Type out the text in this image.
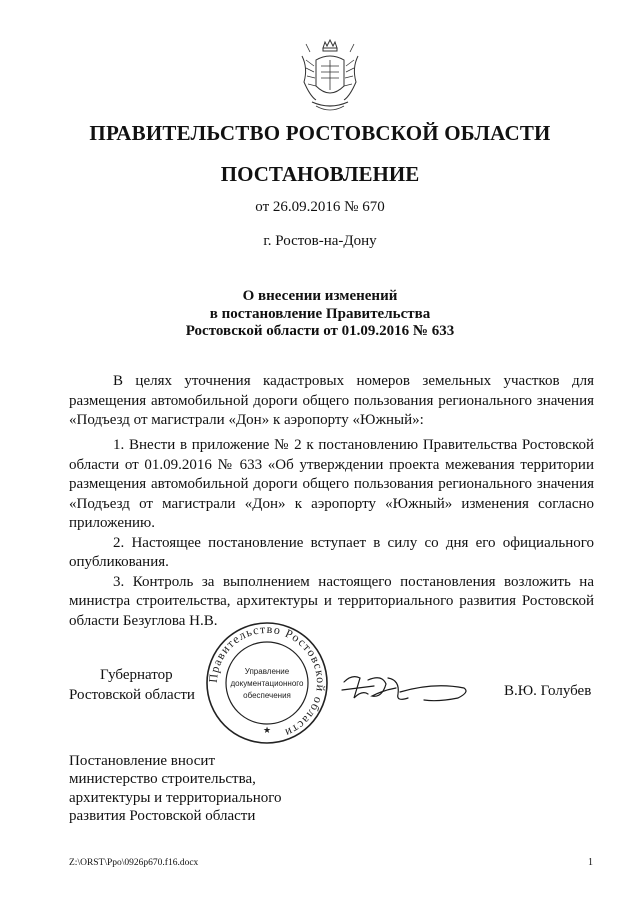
ПРАВИТЕЛЬСТВО РОСТОВСКОЙ ОБЛАСТИ
ПОСТАНОВЛЕНИЕ
от 26.09.2016 № 670
г. Ростов-на-Дону
О внесении изменений
в постановление Правительства
Ростовской области от 01.09.2016 № 633

В целях уточнения кадастровых номеров земельных участков для размещения автомобильной дороги общего пользования регионального значения «Подъезд от магистрали «Дон» к аэропорту «Южный»:

1. Внести в приложение № 2 к постановлению Правительства Ростовской области от 01.09.2016 № 633 «Об утверждении проекта межевания территории размещения автомобильной дороги общего пользования регионального значения «Подъезд от магистрали «Дон» к аэропорту «Южный» изменения согласно приложению.

2. Настоящее постановление вступает в силу со дня его официального опубликования.

3. Контроль за выполнением настоящего постановления возложить на министра строительства, архитектуры и территориального развития Ростовской области Безуглова Н.В.

Губернатор
Ростовской области
Правительство Ростовской области
Управление
документационного
обеспечения
★
В.Ю. Голубев
Постановление вносит
министерство строительства,
архитектуры и территориального
развития Ростовской области
Z:\ORST\Ppo\0926p670.f16.docx	1
